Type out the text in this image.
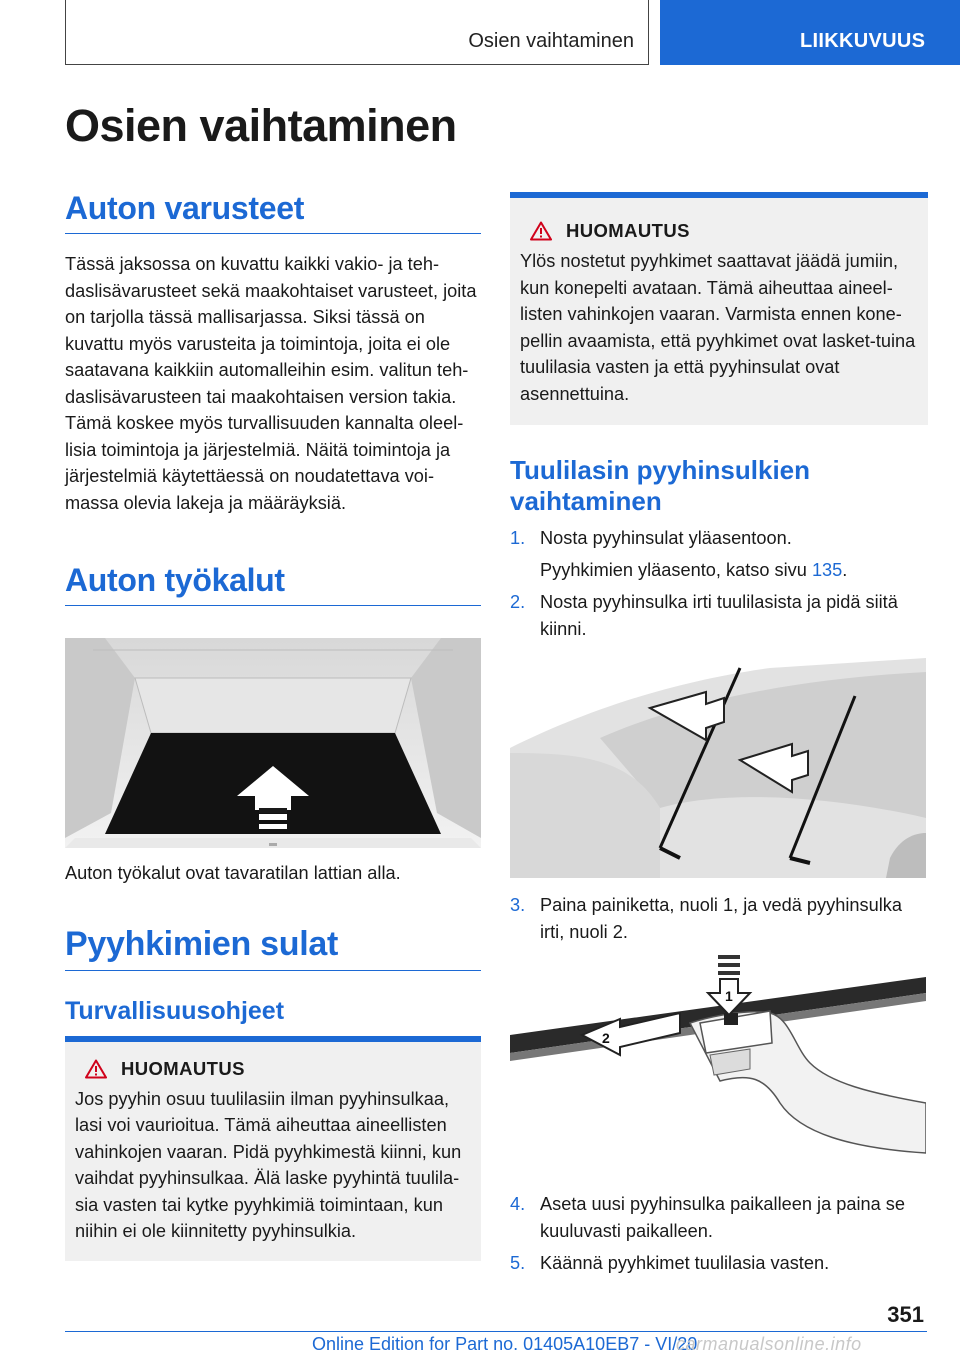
Osien vaihtaminen	LIIKKUVUUS
Osien vaihtaminen
Auton varusteet

Tässä jaksossa on kuvattu kaikki vakio- ja teh-daslisävarusteet sekä maakohtaiset varusteet, joita on tarjolla tässä mallisarjassa. Siksi tässä on kuvattu myös varusteita ja toimintoja, joita ei ole saatavana kaikkiin automalleihin esim. valitun teh-daslisävarusteen tai maakohtaisen version takia. Tämä koskee myös turvallisuuden kannalta oleel-lisia toimintoja ja järjestelmiä. Näitä toimintoja ja järjestelmiä käytettäessä on noudatettava voi-massa olevia lakeja ja määräyksiä.

Auton työkalut

Auton työkalut ovat tavaratilan lattian alla.

Pyyhkimien sulat
Turvallisuusohjeet
HUOMAUTUS

Jos pyyhin osuu tuulilasiin ilman pyyhinsulkaa, lasi voi vaurioitua. Tämä aiheuttaa aineellisten vahinkojen vaaran. Pidä pyyhkimestä kiinni, kun vaihdat pyyhinsulkaa. Älä laske pyyhintä tuulila-sia vasten tai kytke pyyhkimiä toimintaan, kun niihin ei ole kiinnitetty pyyhinsulkia.

HUOMAUTUS

Ylös nostetut pyyhkimet saattavat jäädä jumiin, kun konepelti avataan. Tämä aiheuttaa aineel-listen vahinkojen vaaran. Varmista ennen kone-pellin avaamista, että pyyhkimet ovat lasket-tuina tuulilasia vasten ja että pyyhinsulat ovat asennettuina.

Tuulilasin pyyhinsulkien vaihtaminen
1. Nosta pyyhinsulat yläasentoon.
Pyyhkimien yläasento, katso sivu 135.
2. Nosta pyyhinsulka irti tuulilasista ja pidä siitä kiinni.
3. Paina painiketta, nuoli 1, ja vedä pyyhinsulka irti, nuoli 2.
2
1
4. Aseta uusi pyyhinsulka paikalleen ja paina se kuuluvasti paikalleen.
5. Käännä pyyhkimet tuulilasia vasten.
351
Online Edition for Part no. 01405A10EB7 - VI/20
carmanualsonline.info
